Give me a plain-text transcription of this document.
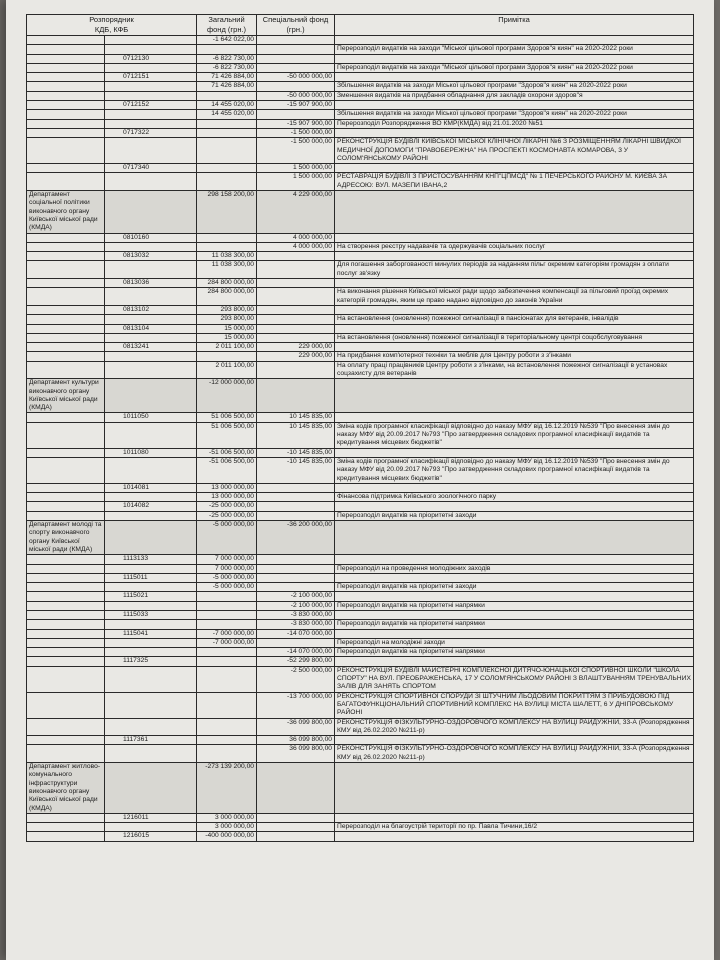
Розпорядник
КДБ, КФБ		Загальний фонд (грн.)	Спеціальний фонд (грн.)	Примітка
		-1 642 022,00		
				Перерозподіл видатків на заходи "Міської цільової програми Здоров"я киян" на 2020-2022 роки
	0712130	-6 822 730,00		
		-6 822 730,00		Перерозподіл видатків на заходи "Міської цільової програми Здоров"я киян" на 2020-2022 роки
	0712151	71 426 884,00	-50 000 000,00	
		71 426 884,00		Збільшення видатків на заходи Міської цільової програми "Здоров"я киян" на 2020-2022 роки
			-50 000 000,00	Зменшення видатків на придбання обладнання для закладів охорони здоров"я
	0712152	14 455 020,00	-15 907 900,00	
		14 455 020,00		Збільшення видатків на заходи Міської цільової програми "Здоров"я киян" на 2020-2022 роки
			-15 907 900,00	Перерозподіл Розпорядження ВО КМР(КМДА) від 21.01.2020 №51
	0717322		-1 500 000,00	
			-1 500 000,00	РЕКОНСТРУКЦІЯ БУДІВЛІ КИЇВСЬКОЇ МІСЬКОЇ КЛІНІЧНОЇ ЛІКАРНІ №6 З РОЗМІЩЕННЯМ ЛІКАРНІ ШВИДКОЇ МЕДИЧНОЇ ДОПОМОГИ "ПРАВОБЕРЕЖНА" НА ПРОСПЕКТІ КОСМОНАВТА КОМАРОВА, 3 У СОЛОМ'ЯНСЬКОМУ РАЙОНІ
	0717340		1 500 000,00	
			1 500 000,00	РЕСТАВРАЦІЯ БУДІВЛІ З ПРИСТОСУВАННЯМ КНП"ЦПМСД" № 1 ПЕЧЕРСЬКОГО РАЙОНУ М. КИЄВА ЗА АДРЕСОЮ: ВУЛ. МАЗЕПИ ІВАНА,2
Департамент соціальної політики виконавчого органу Київської міської ради (КМДА)		298 158 200,00	4 229 000,00	
	0810160		4 000 000,00	
			4 000 000,00	На створення реєстру надавачів та одержувачів соціальних послуг
	0813032	11 038 300,00		
		11 038 300,00		Для погашення заборгованості минулих періодів за наданням пільг окремим категоріям громадян з оплати послуг зв'язку
	0813036	284 800 000,00		
		284 800 000,00		На виконання рішення Київської міської ради щодо забезпечення компенсації за пільговий проїзд окремих категорій громадян, яким це право надано відповідно до законів України
	0813102	293 800,00		
		293 800,00		На встановлення (оновлення) пожежної сигналізації в пансіонатах для ветеранів, інвалідів
	0813104	15 000,00		
		15 000,00		На встановлення (оновлення) пожежної сигналізації в територіальному центрі соцобслуговування
	0813241	2 011 100,00	229 000,00	
			229 000,00	На придбання комп'ютерної техніки та меблів для Центру роботи з з'їнками
		2 011 100,00		На оплату праці працівників Центру роботи з з'їнками, на встановлення пожежної сигналізації в установах соцзахисту для ветеранів
Департамент культури виконавчого органу Київської міської ради (КМДА)		-12 000 000,00		
	1011050	51 006 500,00	10 145 835,00	
		51 006 500,00	10 145 835,00	Зміна кодів програмної класифікації відповідно до наказу МФУ від 16.12.2019 №539 "Про внесення змін до наказу МФУ від 20.09.2017 №793 "Про затвердження складових програмної класифікації видатків та кредитування місцевих бюджетів"
	1011080	-51 006 500,00	-10 145 835,00	
		-51 006 500,00	-10 145 835,00	Зміна кодів програмної класифікації відповідно до наказу МФУ від 16.12.2019 №539 "Про внесення змін до наказу МФУ від 20.09.2017 №793 "Про затвердження складових програмної класифікації видатків та кредитування місцевих бюджетів"
	1014081	13 000 000,00		
		13 000 000,00		Фінансова підтримка Київського зоологічного парку
	1014082	-25 000 000,00		
		-25 000 000,00		Перерозподіл видатків на пріоритетні заходи
Департамент молоді та спорту виконавчого органу Київської міської ради (КМДА)		-5 000 000,00	-36 200 000,00	
	1113133	7 000 000,00		
		7 000 000,00		Перерозподіл на проведення молодіжних заходів
	1115011	-5 000 000,00		
		-5 000 000,00		Перерозподіл видатків на пріоритетні заходи
	1115021		-2 100 000,00	
			-2 100 000,00	Перерозподіл видатків на пріоритетні напрямки
	1115033		-3 830 000,00	
			-3 830 000,00	Перерозподіл видатків на пріоритетні напрямки
	1115041	-7 000 000,00	-14 070 000,00	
		-7 000 000,00		Перерозподіл на молодіжні заходи
			-14 070 000,00	Перерозподіл видатків на пріоритетні напрямки
	1117325		-52 299 800,00	
			-2 500 000,00	РЕКОНСТРУКЦІЯ БУДІВЛІ МАЙСТЕРНІ КОМПЛЕКСНОЇ ДИТЯЧО-ЮНАЦЬКОЇ СПОРТИВНОЇ ШКОЛИ "ШКОЛА СПОРТУ" НА ВУЛ. ПРЕОБРАЖЕНСЬКА, 17 У СОЛОМ'ЯНСЬКОМУ РАЙОНІ З ВЛАШТУВАННЯМ ТРЕНУВАЛЬНИХ ЗАЛІВ ДЛЯ ЗАНЯТЬ СПОРТОМ
			-13 700 000,00	РЕКОНСТРУКЦІЯ СПОРТИВНОЇ СПОРУДИ ЗІ ШТУЧНИМ ЛЬОДОВИМ ПОКРИТТЯМ З ПРИБУДОВОЮ ПІД БАГАТОФУНКЦІОНАЛЬНИЙ СПОРТИВНИЙ КОМПЛЕКС НА ВУЛИЦІ МІСТА ШАЛЕТТ, 6 У ДНІПРОВСЬКОМУ РАЙОНІ
			-36 099 800,00	РЕКОНСТРУКЦІЯ ФІЗКУЛЬТУРНО-ОЗДОРОВЧОГО КОМПЛЕКСУ НА ВУЛИЦІ РАЙДУЖНІЙ, 33-А (Розпорядження КМУ від 26.02.2020 №211-р)
	1117361		36 099 800,00	
			36 099 800,00	РЕКОНСТРУКЦІЯ ФІЗКУЛЬТУРНО-ОЗДОРОВЧОГО КОМПЛЕКСУ НА ВУЛИЦІ РАЙДУЖНІЙ, 33-А (Розпорядження КМУ від 26.02.2020 №211-р)
Департамент житлово-комунального інфраструктури виконавчого органу Київської міської ради (КМДА)		-273 139 200,00		
	1216011	3 000 000,00		
		3 000 000,00		Перерозподіл на благоустрій території по пр. Павла Тичини,16/2
	1216015	-400 000 000,00		
